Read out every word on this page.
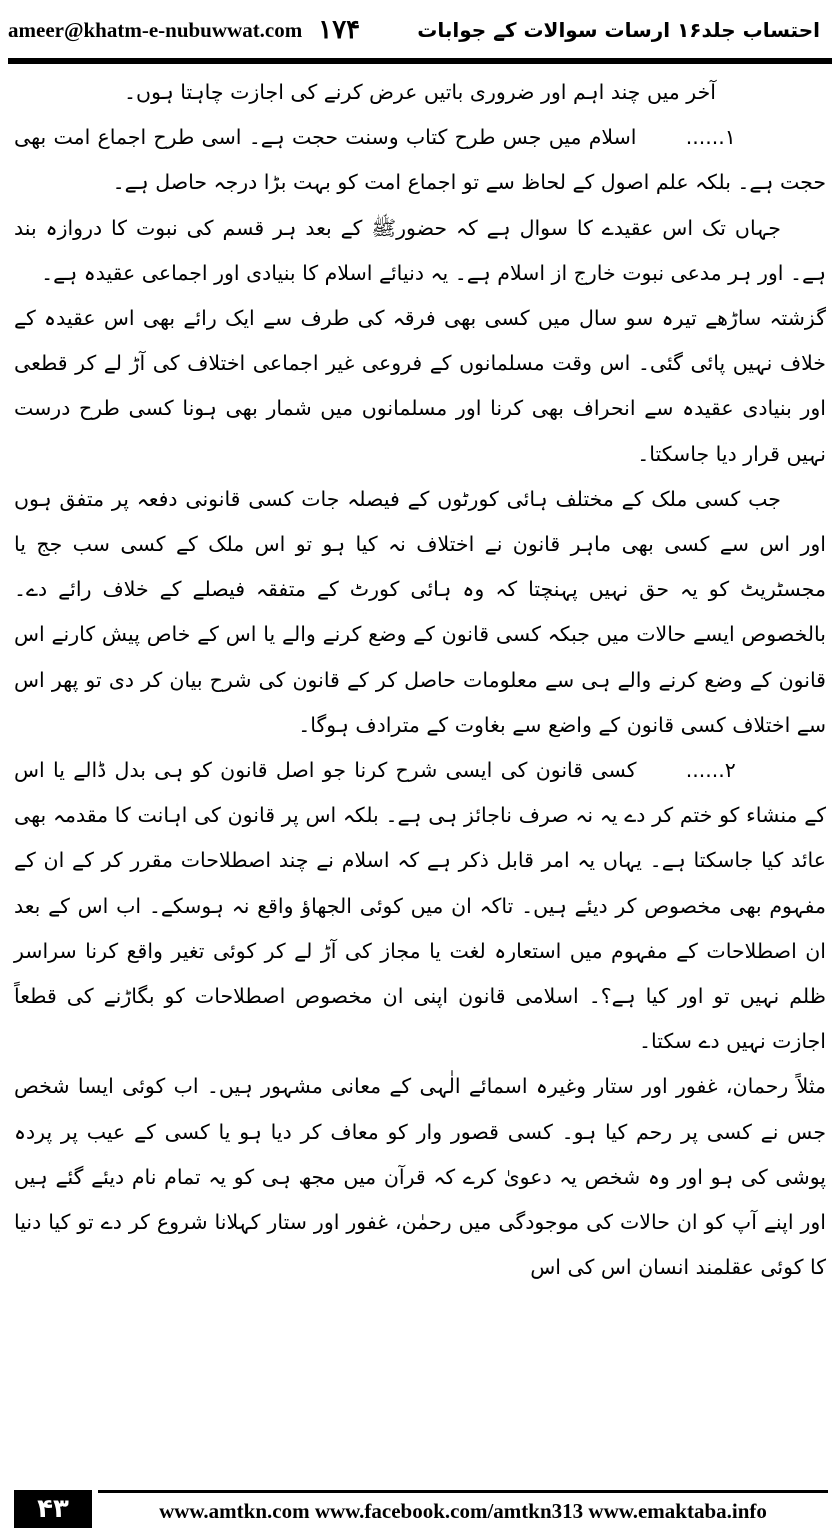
ameer@khatm-e-nubuwwat.com ۱۷۴	احتساب جلد۱۶ ارسات سوالات کے جوابات

آخر میں چند اہم اور ضروری باتیں عرض کرنے کی اجازت چاہتا ہوں۔

۱......اسلام میں جس طرح کتاب وسنت حجت ہے۔ اسی طرح اجماع امت بھی حجت ہے۔ بلکہ علم اصول کے لحاظ سے تو اجماع امت کو بہت بڑا درجہ حاصل ہے۔

جہاں تک اس عقیدے کا سوال ہے کہ حضورﷺ کے بعد ہر قسم کی نبوت کا دروازہ بند ہے۔ اور ہر مدعی نبوت خارج از اسلام ہے۔ یہ دنیائے اسلام کا بنیادی اور اجماعی عقیدہ ہے۔

گزشتہ ساڑھے تیرہ سو سال میں کسی بھی فرقہ کی طرف سے ایک رائے بھی اس عقیدہ کے خلاف نہیں پائی گئی۔ اس وقت مسلمانوں کے فروعی غیر اجماعی اختلاف کی آڑ لے کر قطعی اور بنیادی عقیدہ سے انحراف بھی کرنا اور مسلمانوں میں شمار بھی ہونا کسی طرح درست نہیں قرار دیا جاسکتا۔

جب کسی ملک کے مختلف ہائی کورٹوں کے فیصلہ جات کسی قانونی دفعہ پر متفق ہوں اور اس سے کسی بھی ماہر قانون نے اختلاف نہ کیا ہو تو اس ملک کے کسی سب جج یا مجسٹریٹ کو یہ حق نہیں پہنچتا کہ وہ ہائی کورٹ کے متفقہ فیصلے کے خلاف رائے دے۔ بالخصوص ایسے حالات میں جبکہ کسی قانون کے وضع کرنے والے یا اس کے خاص پیش کارنے اس قانون کے وضع کرنے والے ہی سے معلومات حاصل کر کے قانون کی شرح بیان کر دی تو پھر اس سے اختلاف کسی قانون کے واضع سے بغاوت کے مترادف ہوگا۔

۲......کسی قانون کی ایسی شرح کرنا جو اصل قانون کو ہی بدل ڈالے یا اس کے منشاء کو ختم کر دے یہ نہ صرف ناجائز ہی ہے۔ بلکہ اس پر قانون کی اہانت کا مقدمہ بھی عائد کیا جاسکتا ہے۔ یہاں یہ امر قابل ذکر ہے کہ اسلام نے چند اصطلاحات مقرر کر کے ان کے مفہوم بھی مخصوص کر دیئے ہیں۔ تاکہ ان میں کوئی الجھاؤ واقع نہ ہوسکے۔ اب اس کے بعد ان اصطلاحات کے مفہوم میں استعارہ لغت یا مجاز کی آڑ لے کر کوئی تغیر واقع کرنا سراسر ظلم نہیں تو اور کیا ہے؟۔ اسلامی قانون اپنی ان مخصوص اصطلاحات کو بگاڑنے کی قطعاً اجازت نہیں دے سکتا۔

مثلاً رحمان، غفور اور ستار وغیرہ اسمائے الٰہی کے معانی مشہور ہیں۔ اب کوئی ایسا شخص جس نے کسی پر رحم کیا ہو۔ کسی قصور وار کو معاف کر دیا ہو یا کسی کے عیب پر پردہ پوشی کی ہو اور وہ شخص یہ دعویٰ کرے کہ قرآن میں مجھ ہی کو یہ تمام نام دیئے گئے ہیں اور اپنے آپ کو ان حالات کی موجودگی میں رحمٰن، غفور اور ستار کہلانا شروع کر دے تو کیا دنیا کا کوئی عقلمند انسان اس کی اس

۴۳	www.amtkn.com www.facebook.com/amtkn313 www.emaktaba.info
